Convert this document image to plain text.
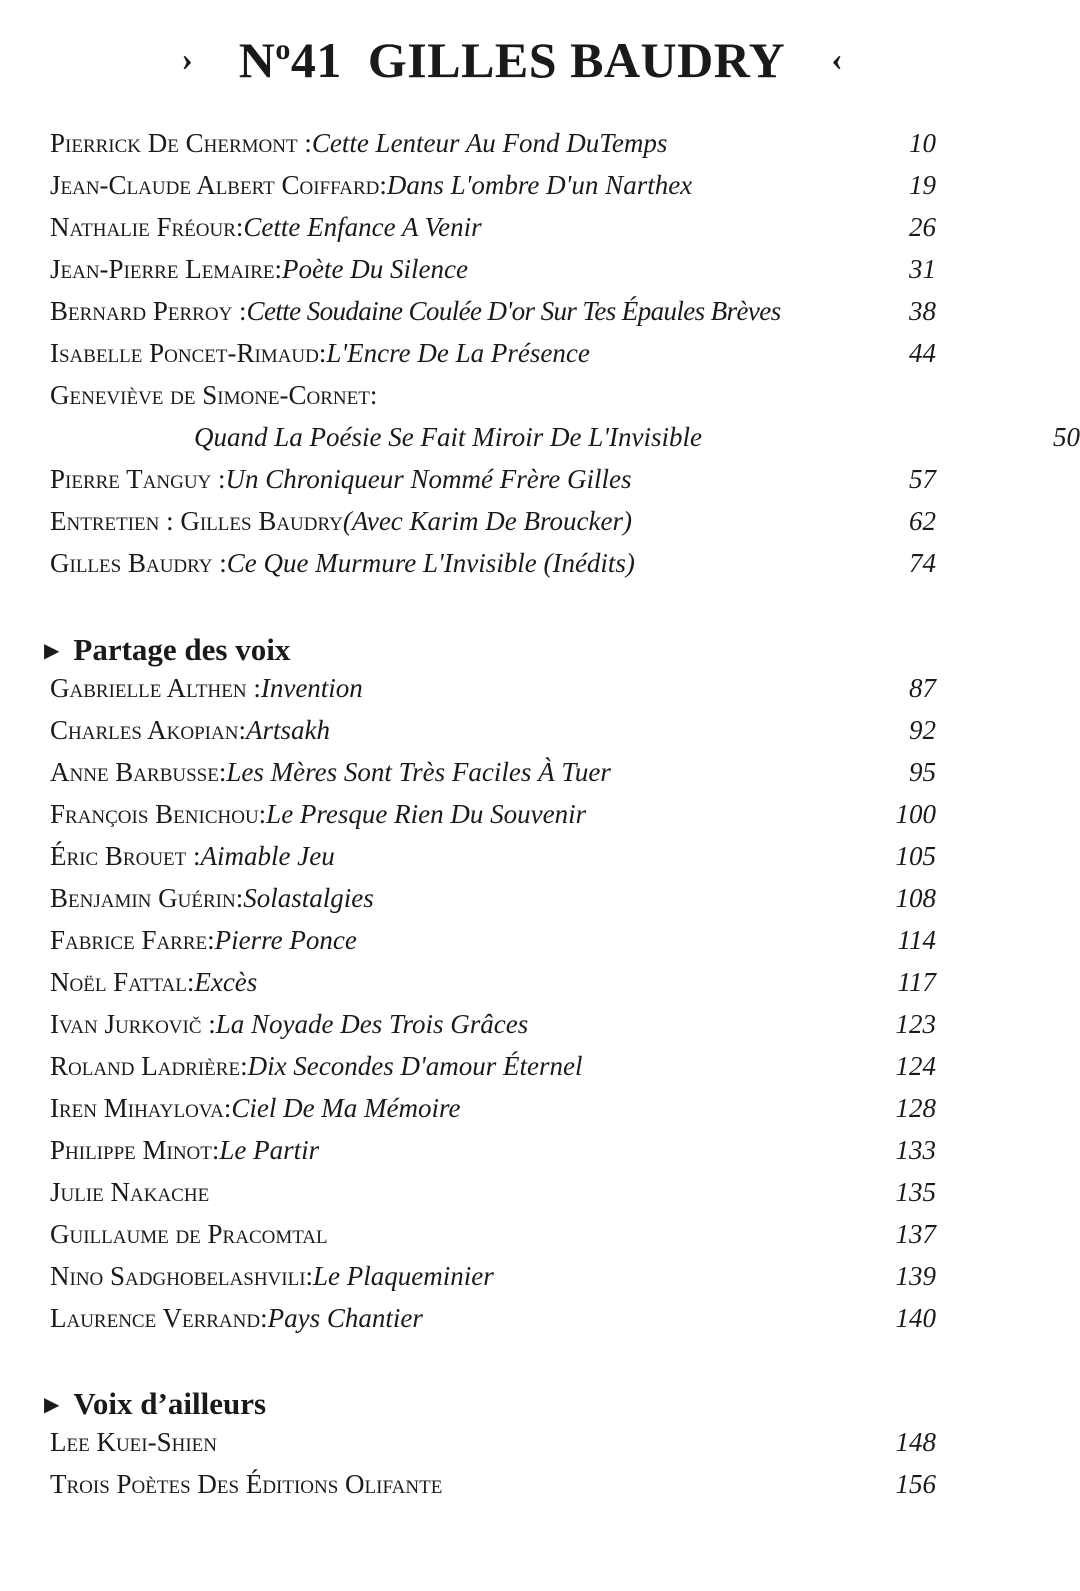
› $N^o41$ GILLES BAUDRY ‹
Pierrick De Chermont : Cette Lenteur Au Fond DuTemps	10
Jean-Claude Albert Coiffard: Dans L'ombre D'un Narthex	19
Nathalie Fréour: Cette Enfance A Venir	26
Jean-Pierre Lemaire: Poète Du Silence	31
Bernard Perroy : Cette Soudaine Coulée D'or Sur Tes Épaules Brèves	38
Isabelle Poncet-Rimaud: L'Encre De La Présence	44
Geneviève de Simone-Cornet:
Quand La Poésie Se Fait Miroir De L'Invisible	50
Pierre Tanguy : Un Chroniqueur Nommé Frère Gilles	57
Entretien : Gilles Baudry (Avec Karim De Broucker)	62
Gilles Baudry : Ce Que Murmure L'Invisible (Inédits)	74
▶ Partage des voix
Gabrielle Althen : Invention	87
Charles Akopian: Artsakh	92
Anne Barbusse: Les Mères Sont Très Faciles À Tuer	95
François Benichou: Le Presque Rien Du Souvenir	100
Éric Brouet : Aimable Jeu	105
Benjamin Guérin: Solastalgies	108
Fabrice Farre: Pierre Ponce	114
Noël Fattal: Excès	117
Ivan Jurkovič : La Noyade Des Trois Grâces	123
Roland Ladrière: Dix Secondes D'amour Éternel	124
Iren Mihaylova: Ciel De Ma Mémoire	128
Philippe Minot: Le Partir	133
Julie Nakache	135
Guillaume de Pracomtal	137
Nino Sadghobelashvili: Le Plaqueminier	139
Laurence Verrand: Pays Chantier	140
▶ Voix d’ailleurs
Lee Kuei-Shien	148
Trois Poètes Des Éditions Olifante	156
